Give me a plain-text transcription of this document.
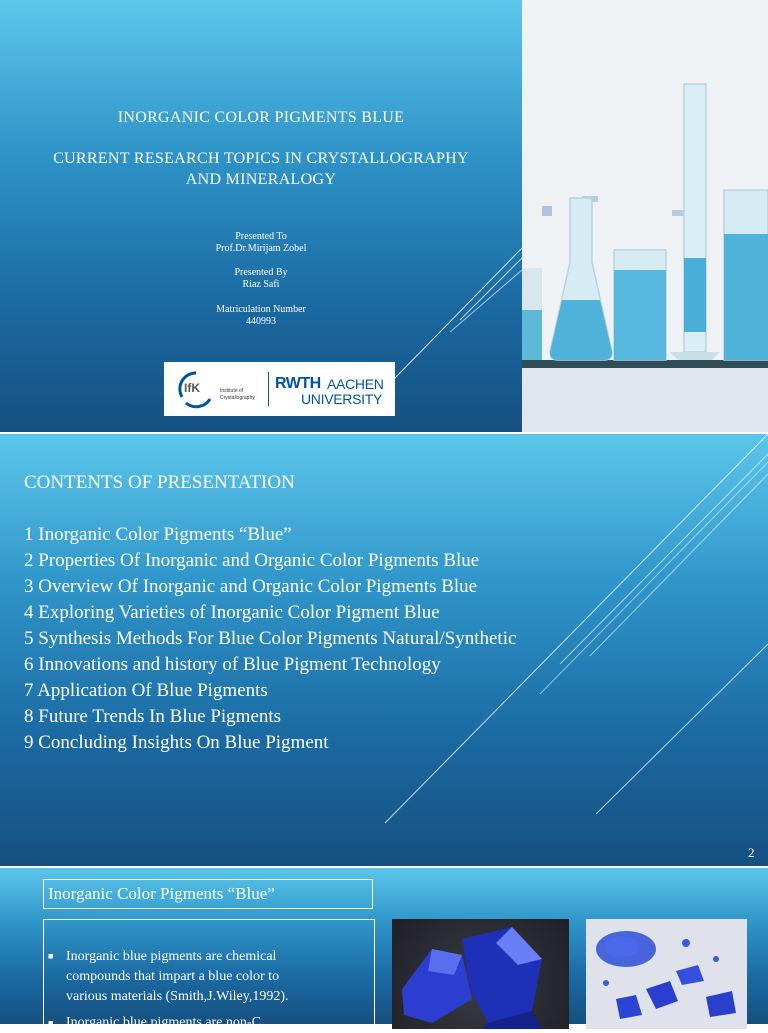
INORGANIC COLOR PIGMENTS BLUE
CURRENT RESEARCH TOPICS IN CRYSTALLOGRAPHY
AND MINERALOGY
Presented To
Prof.Dr.Mirijam Zobel
Presented By
Riaz Safi
Matriculation Number
440993
IfK	Institute of
Crystallography
RWTH AACHEN
UNIVERSITY
CONTENTS OF PRESENTATION
1 Inorganic Color Pigments “Blue”
2 Properties Of Inorganic and Organic Color Pigments Blue
3 Overview Of Inorganic and Organic Color Pigments Blue
4 Exploring Varieties of Inorganic Color Pigment Blue
5 Synthesis Methods For Blue Color Pigments Natural/Synthetic
6 Innovations and history of Blue Pigment Technology
7 Application Of Blue Pigments
8 Future Trends In Blue Pigments
9 Concluding Insights On Blue Pigment
2
Inorganic Color Pigments “Blue”
■ Inorganic blue pigments are chemical
compounds that impart a blue color to
various materials (Smith,J.Wiley,1992).
■ Inorganic blue pigments are non-C
